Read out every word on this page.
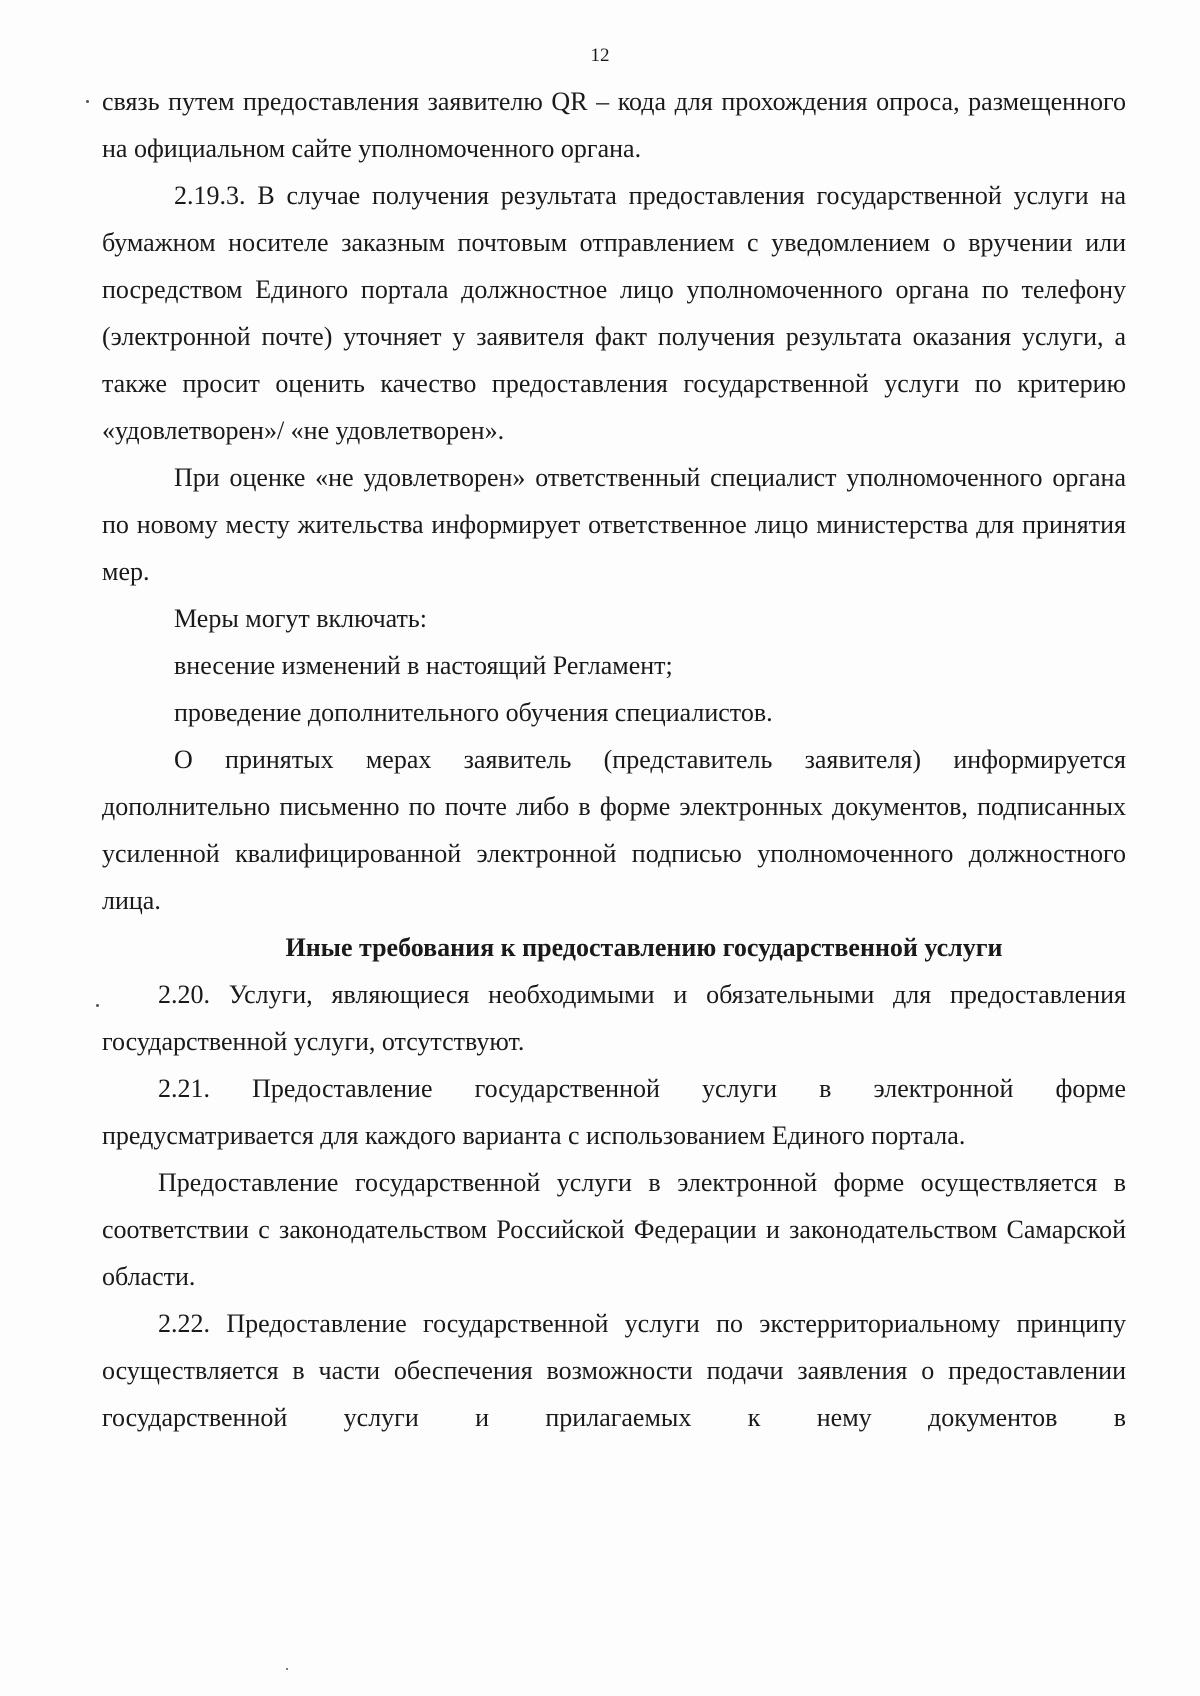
12

связь путем предоставления заявителю QR – кода для прохождения опроса, размещенного на официальном сайте уполномоченного органа.

2.19.3. В случае получения результата предоставления государственной услуги на бумажном носителе заказным почтовым отправлением с уведомлением о вручении или посредством Единого портала должностное лицо уполномоченного органа по телефону (электронной почте) уточняет у заявителя факт получения результата оказания услуги, а также просит оценить качество предоставления государственной услуги по критерию «удовлетворен»/ «не удовлетворен».

При оценке «не удовлетворен» ответственный специалист уполномоченного органа по новому месту жительства информирует ответственное лицо министерства для принятия мер.

Меры могут включать:

внесение изменений в настоящий Регламент;

проведение дополнительного обучения специалистов.

О принятых мерах заявитель (представитель заявителя) информируется дополнительно письменно по почте либо в форме электронных документов, подписанных усиленной квалифицированной электронной подписью уполномоченного должностного лица.

Иные требования к предоставлению государственной услуги

2.20. Услуги, являющиеся необходимыми и обязательными для предоставления государственной услуги, отсутствуют.

2.21. Предоставление государственной услуги в электронной форме предусматривается для каждого варианта с использованием Единого портала.

Предоставление государственной услуги в электронной форме осуществляется в соответствии с законодательством Российской Федерации и законодательством Самарской области.

2.22. Предоставление государственной услуги по экстерриториальному принципу осуществляется в части обеспечения возможности подачи заявления о предоставлении государственной услуги и прилагаемых к нему документов в
